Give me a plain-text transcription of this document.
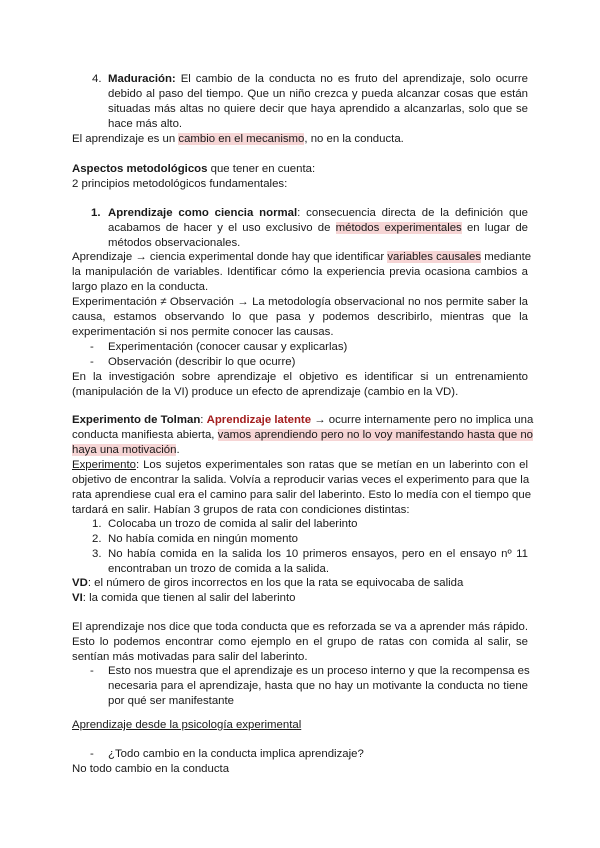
4. Maduración: El cambio de la conducta no es fruto del aprendizaje, solo ocurre
debido al paso del tiempo. Que un niño crezca y pueda alcanzar cosas que están
situadas más altas no quiere decir que haya aprendido a alcanzarlas, solo que se
hace más alto.
El aprendizaje es un cambio en el mecanismo, no en la conducta.
Aspectos metodológicos que tener en cuenta:
2 principios metodológicos fundamentales:
1. Aprendizaje como ciencia normal: consecuencia directa de la definición que
acabamos de hacer y el uso exclusivo de métodos experimentales en lugar de
métodos observacionales.
Aprendizaje → ciencia experimental donde hay que identificar variables causales mediante
la manipulación de variables. Identificar cómo la experiencia previa ocasiona cambios a
largo plazo en la conducta.
Experimentación ≠ Observación → La metodología observacional no nos permite saber la
causa, estamos observando lo que pasa y podemos describirlo, mientras que la
experimentación si nos permite conocer las causas.
- Experimentación (conocer causar y explicarlas)
- Observación (describir lo que ocurre)
En la investigación sobre aprendizaje el objetivo es identificar si un entrenamiento
(manipulación de la VI) produce un efecto de aprendizaje (cambio en la VD).
Experimento de Tolman: Aprendizaje latente → ocurre internamente pero no implica una
conducta manifiesta abierta, vamos aprendiendo pero no lo voy manifestando hasta que no
haya una motivación.
Experimento: Los sujetos experimentales son ratas que se metían en un laberinto con el
objetivo de encontrar la salida. Volvía a reproducir varias veces el experimento para que la
rata aprendiese cual era el camino para salir del laberinto. Esto lo medía con el tiempo que
tardará en salir. Habían 3 grupos de rata con condiciones distintas:
1. Colocaba un trozo de comida al salir del laberinto
2. No había comida en ningún momento
3. No había comida en la salida los 10 primeros ensayos, pero en el ensayo nº 11
encontraban un trozo de comida a la salida.
VD: el número de giros incorrectos en los que la rata se equivocaba de salida
VI: la comida que tienen al salir del laberinto
El aprendizaje nos dice que toda conducta que es reforzada se va a aprender más rápido.
Esto lo podemos encontrar como ejemplo en el grupo de ratas con comida al salir, se
sentían más motivadas para salir del laberinto.
- Esto nos muestra que el aprendizaje es un proceso interno y que la recompensa es
necesaria para el aprendizaje, hasta que no hay un motivante la conducta no tiene
por qué ser manifestante
Aprendizaje desde la psicología experimental
- ¿Todo cambio en la conducta implica aprendizaje?
No todo cambio en la conducta
